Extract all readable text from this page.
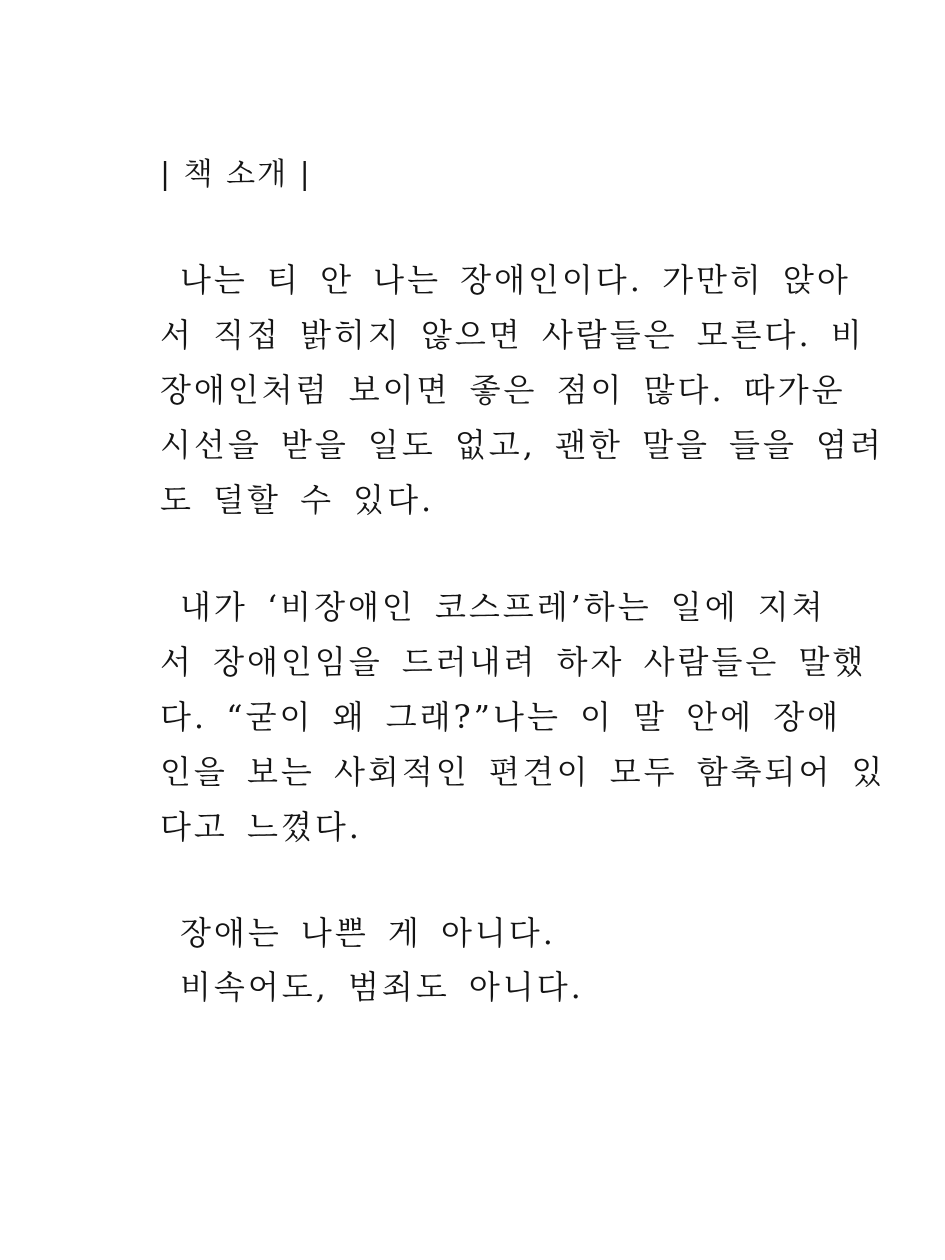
| 책 소개 |
나는 티 안 나는 장애인이다. 가만히 앉아
서 직접 밝히지 않으면 사람들은 모른다. 비
장애인처럼 보이면 좋은 점이 많다. 따가운
시선을 받을 일도 없고, 괜한 말을 들을 염려
도 덜할 수 있다.
내가 ‘비장애인 코스프레’하는 일에 지쳐
서 장애인임을 드러내려 하자 사람들은 말했
다. “굳이 왜 그래?”나는 이 말 안에 장애
인을 보는 사회적인 편견이 모두 함축되어 있
다고 느꼈다.
장애는 나쁜 게 아니다.
비속어도, 범죄도 아니다.
